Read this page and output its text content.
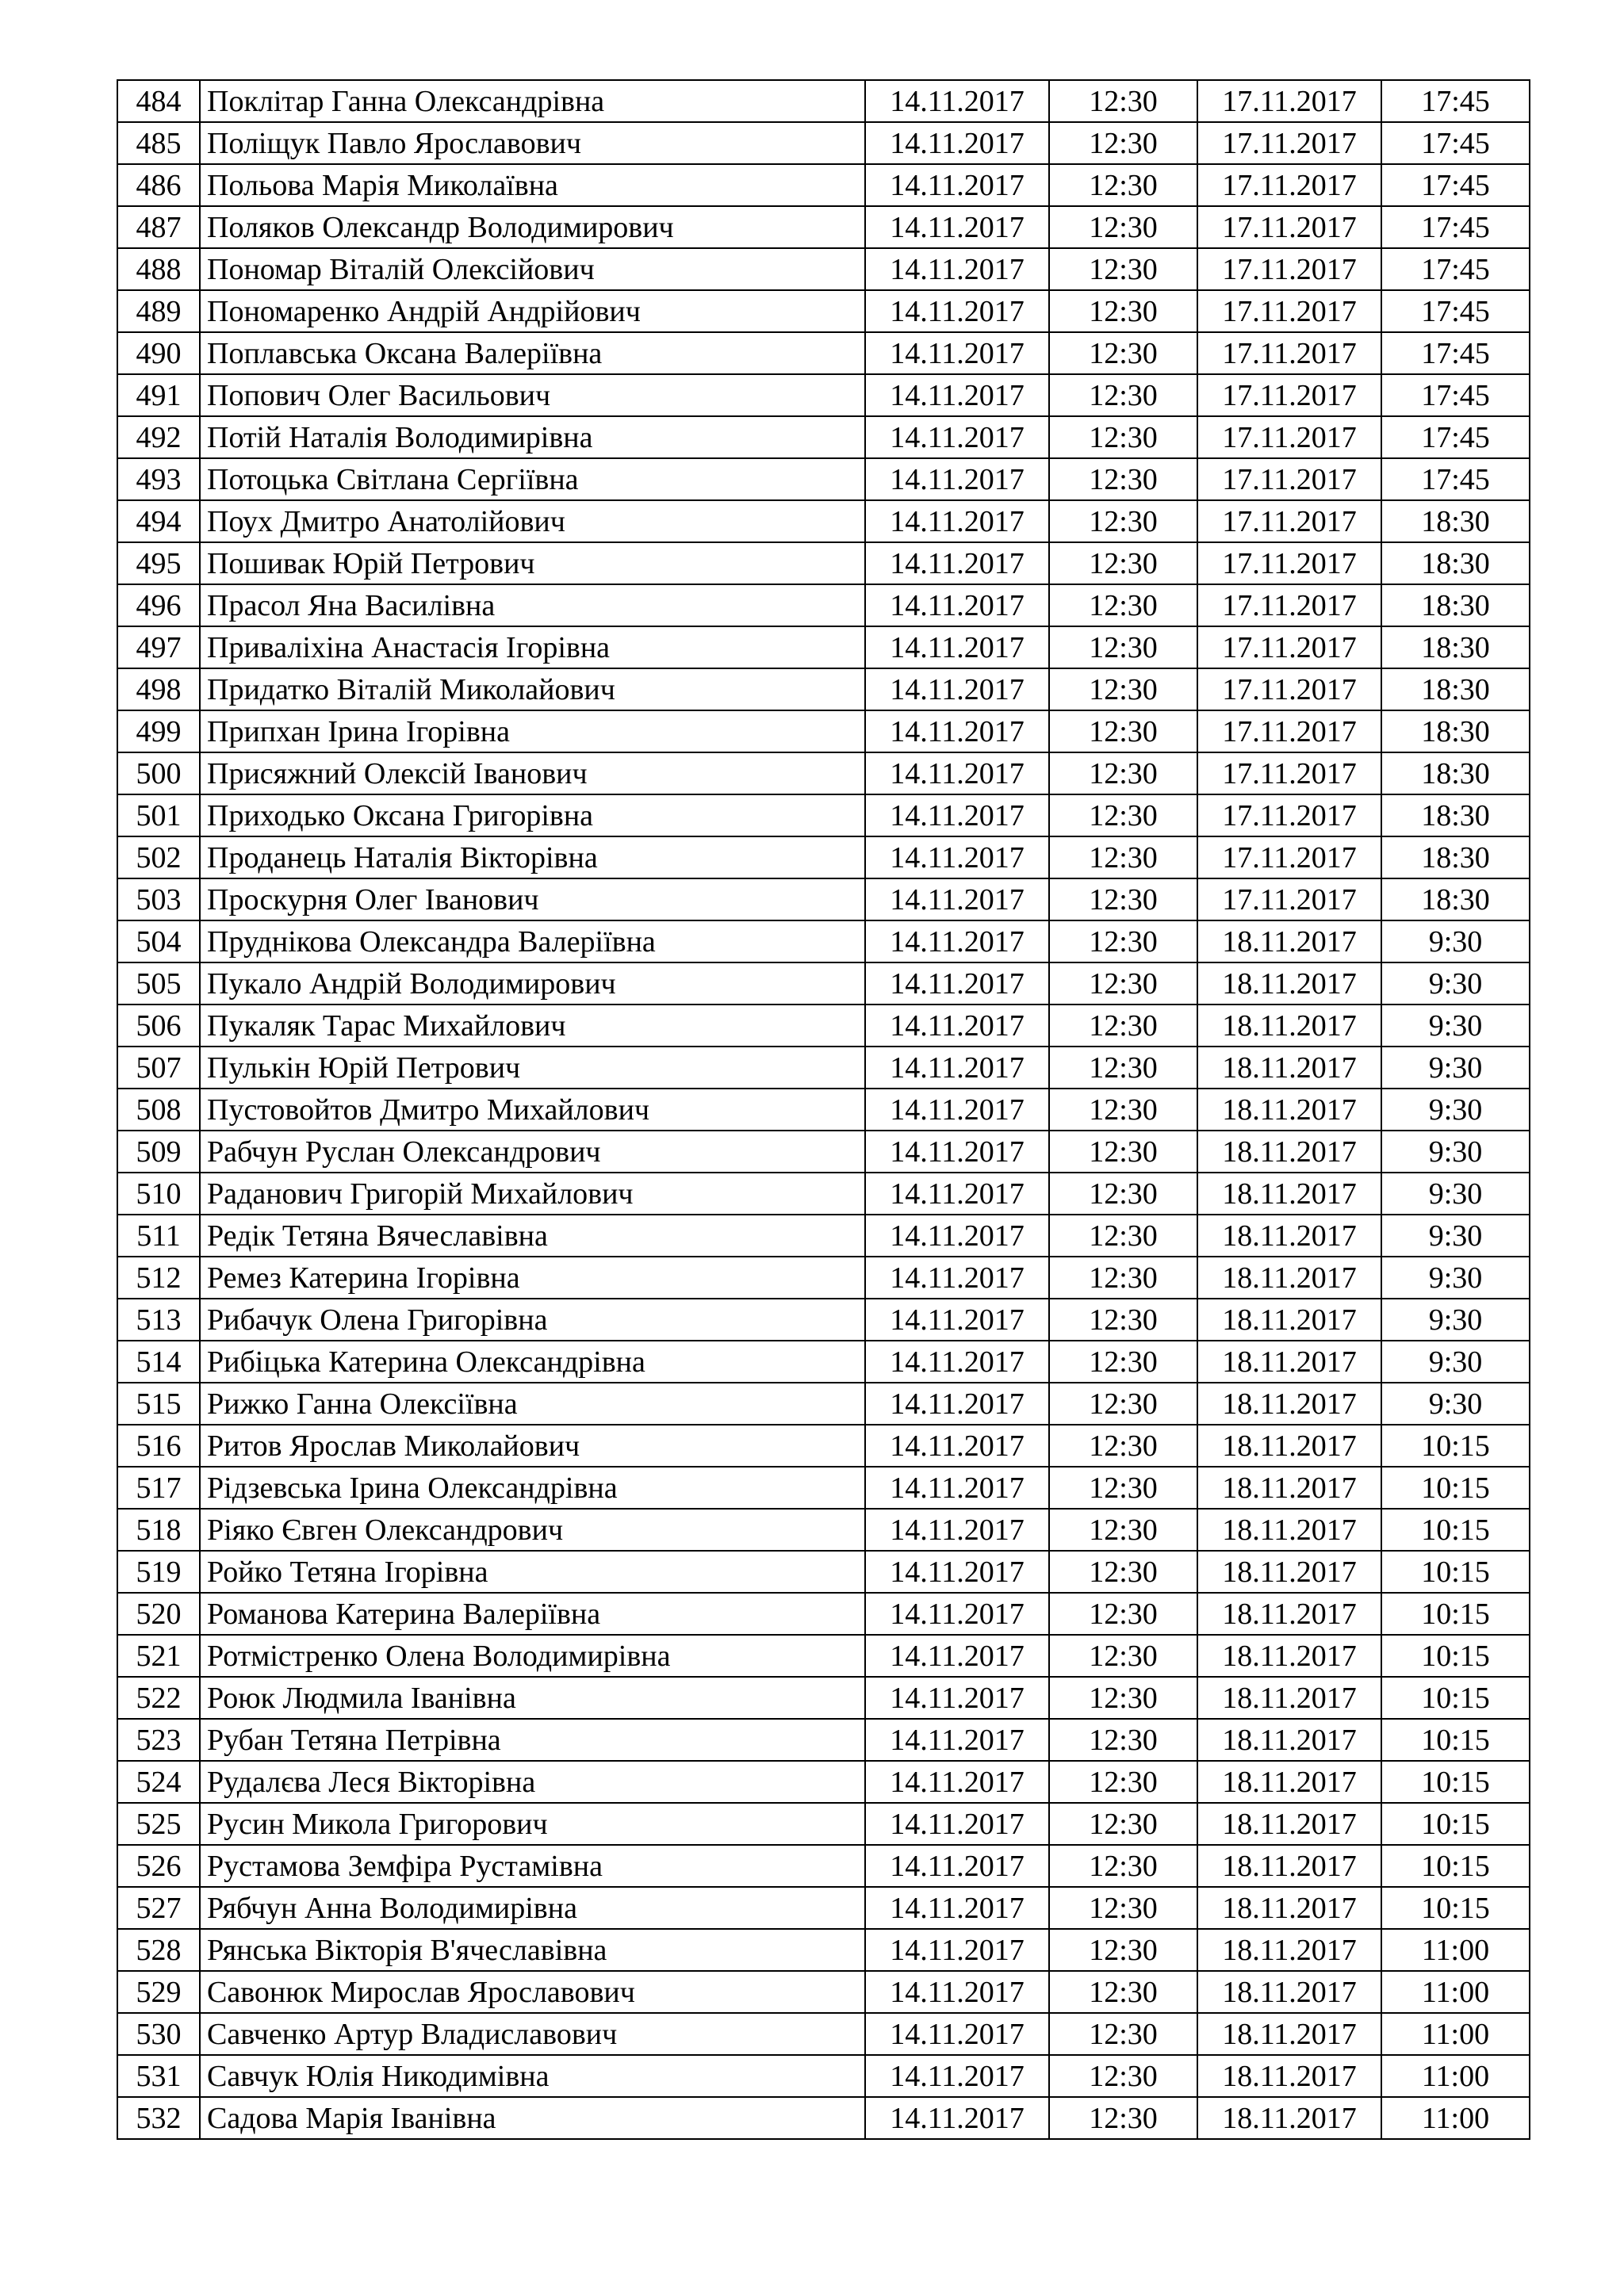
484	Поклітар Ганна Олександрівна	14.11.2017	12:30	17.11.2017	17:45
485	Поліщук Павло Ярославович	14.11.2017	12:30	17.11.2017	17:45
486	Польова Марія Миколаївна	14.11.2017	12:30	17.11.2017	17:45
487	Поляков Олександр Володимирович	14.11.2017	12:30	17.11.2017	17:45
488	Пономар Віталій Олексійович	14.11.2017	12:30	17.11.2017	17:45
489	Пономаренко Андрій Андрійович	14.11.2017	12:30	17.11.2017	17:45
490	Поплавська Оксана Валеріївна	14.11.2017	12:30	17.11.2017	17:45
491	Попович Олег Васильович	14.11.2017	12:30	17.11.2017	17:45
492	Потій Наталія Володимирівна	14.11.2017	12:30	17.11.2017	17:45
493	Потоцька Світлана Сергіївна	14.11.2017	12:30	17.11.2017	17:45
494	Поух Дмитро Анатолійович	14.11.2017	12:30	17.11.2017	18:30
495	Пошивак Юрій Петрович	14.11.2017	12:30	17.11.2017	18:30
496	Прасол Яна Василівна	14.11.2017	12:30	17.11.2017	18:30
497	Приваліхіна Анастасія Ігорівна	14.11.2017	12:30	17.11.2017	18:30
498	Придатко Віталій Миколайович	14.11.2017	12:30	17.11.2017	18:30
499	Припхан Ірина Ігорівна	14.11.2017	12:30	17.11.2017	18:30
500	Присяжний Олексій Іванович	14.11.2017	12:30	17.11.2017	18:30
501	Приходько Оксана Григорівна	14.11.2017	12:30	17.11.2017	18:30
502	Проданець Наталія Вікторівна	14.11.2017	12:30	17.11.2017	18:30
503	Проскурня Олег Іванович	14.11.2017	12:30	17.11.2017	18:30
504	Пруднікова Олександра Валеріївна	14.11.2017	12:30	18.11.2017	9:30
505	Пукало Андрій Володимирович	14.11.2017	12:30	18.11.2017	9:30
506	Пукаляк Тарас Михайлович	14.11.2017	12:30	18.11.2017	9:30
507	Пулькін Юрій Петрович	14.11.2017	12:30	18.11.2017	9:30
508	Пустовойтов Дмитро Михайлович	14.11.2017	12:30	18.11.2017	9:30
509	Рабчун Руслан Олександрович	14.11.2017	12:30	18.11.2017	9:30
510	Раданович Григорій Михайлович	14.11.2017	12:30	18.11.2017	9:30
511	Редік Тетяна Вячеславівна	14.11.2017	12:30	18.11.2017	9:30
512	Ремез Катерина Ігорівна	14.11.2017	12:30	18.11.2017	9:30
513	Рибачук Олена Григорівна	14.11.2017	12:30	18.11.2017	9:30
514	Рибіцька Катерина Олександрівна	14.11.2017	12:30	18.11.2017	9:30
515	Рижко Ганна Олексіївна	14.11.2017	12:30	18.11.2017	9:30
516	Ритов Ярослав Миколайович	14.11.2017	12:30	18.11.2017	10:15
517	Рідзевська Ірина Олександрівна	14.11.2017	12:30	18.11.2017	10:15
518	Ріяко Євген Олександрович	14.11.2017	12:30	18.11.2017	10:15
519	Ройко Тетяна Ігорівна	14.11.2017	12:30	18.11.2017	10:15
520	Романова Катерина Валеріївна	14.11.2017	12:30	18.11.2017	10:15
521	Ротмістренко Олена Володимирівна	14.11.2017	12:30	18.11.2017	10:15
522	Роюк Людмила Іванівна	14.11.2017	12:30	18.11.2017	10:15
523	Рубан Тетяна Петрівна	14.11.2017	12:30	18.11.2017	10:15
524	Рудалєва Леся Вікторівна	14.11.2017	12:30	18.11.2017	10:15
525	Русин Микола Григорович	14.11.2017	12:30	18.11.2017	10:15
526	Рустамова Земфіра Рустамівна	14.11.2017	12:30	18.11.2017	10:15
527	Рябчун Анна Володимирівна	14.11.2017	12:30	18.11.2017	10:15
528	Рянська Вікторія В'ячеславівна	14.11.2017	12:30	18.11.2017	11:00
529	Савонюк Мирослав Ярославович	14.11.2017	12:30	18.11.2017	11:00
530	Савченко Артур Владиславович	14.11.2017	12:30	18.11.2017	11:00
531	Савчук Юлія Никодимівна	14.11.2017	12:30	18.11.2017	11:00
532	Садова Марія Іванівна	14.11.2017	12:30	18.11.2017	11:00
